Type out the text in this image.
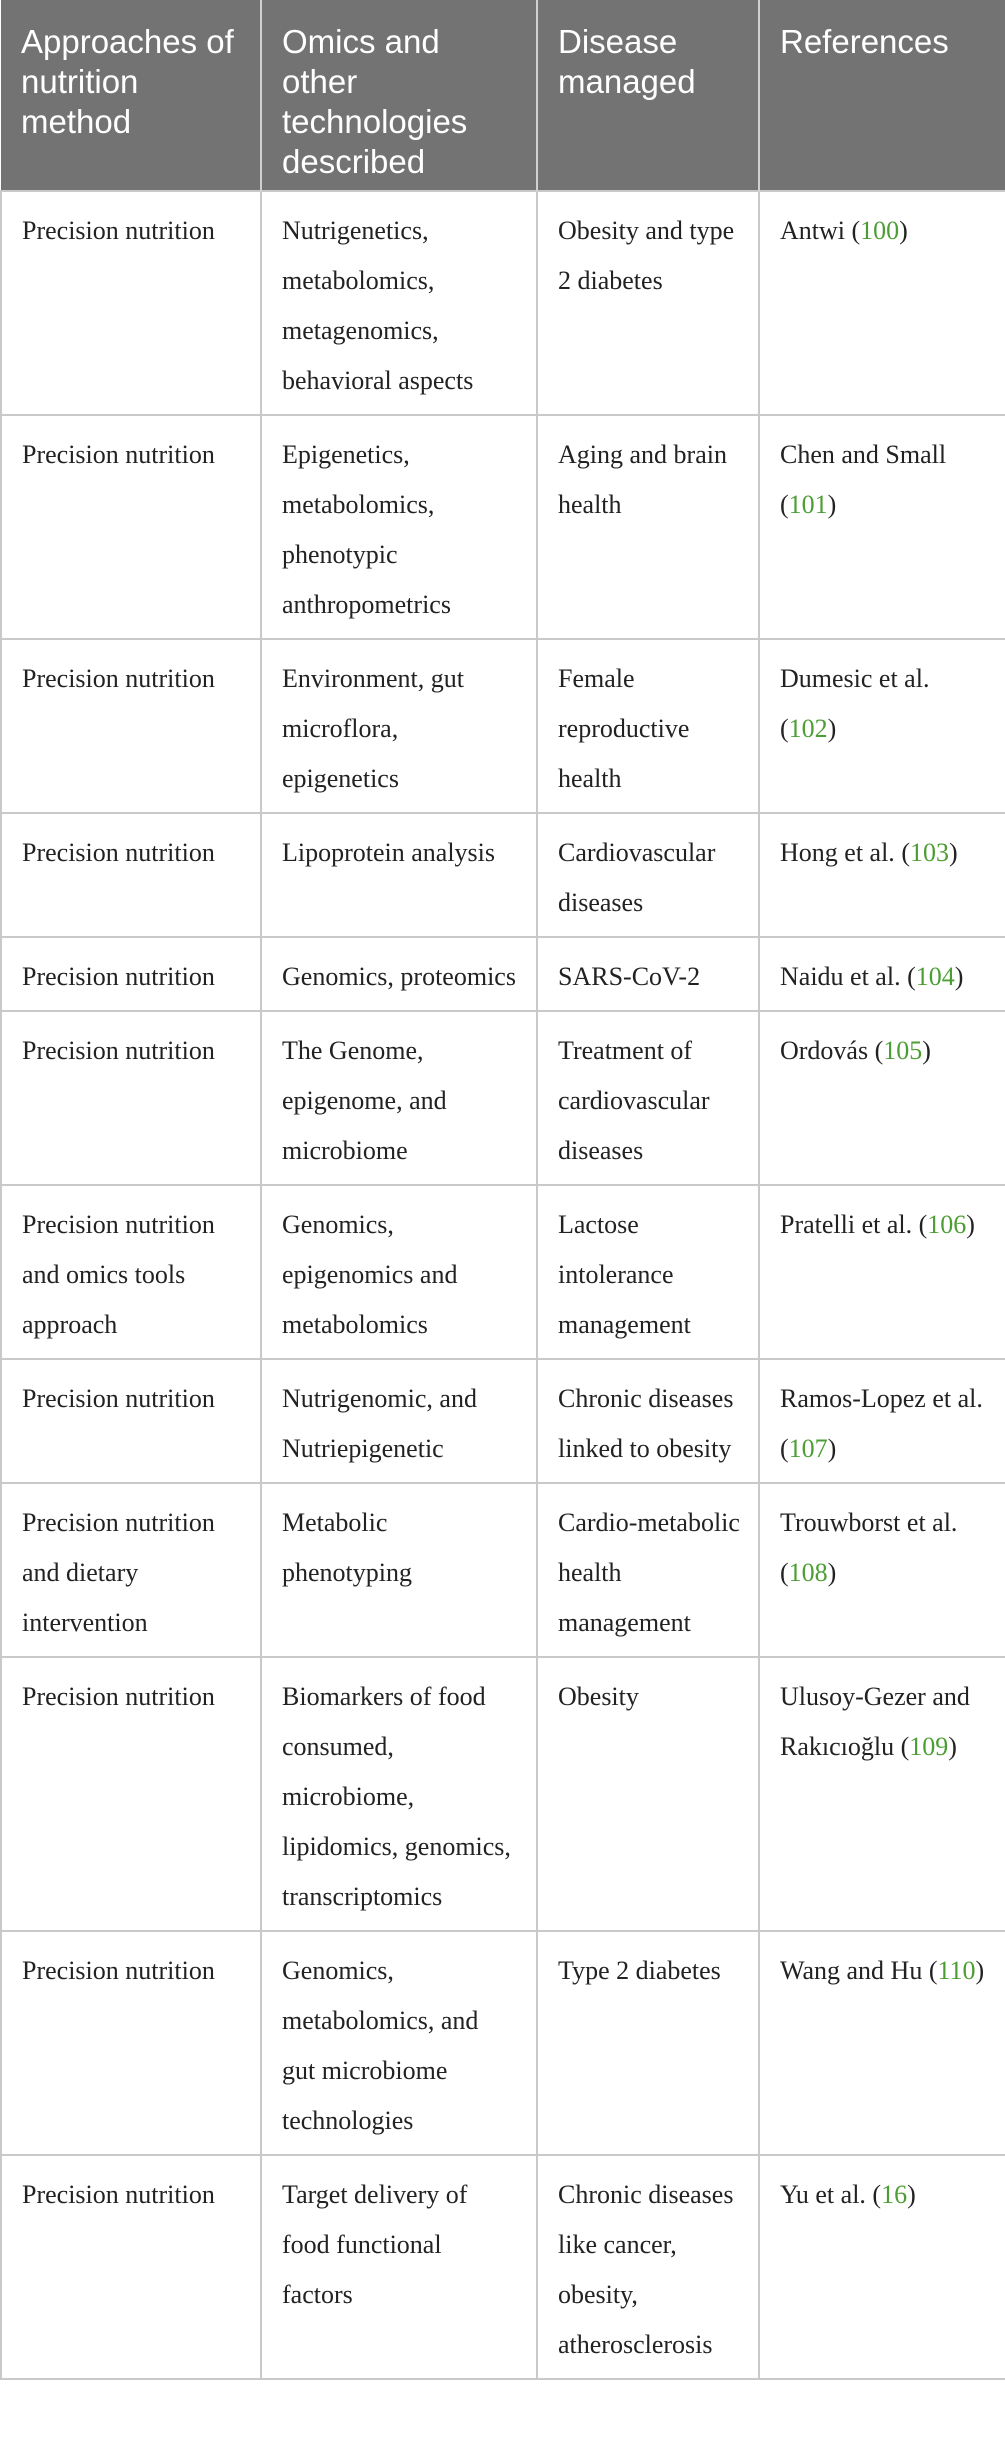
Approaches of nutrition method	Omics and other technologies described	Disease managed	References
Precision nutrition	Nutrigenetics, metabolomics, metagenomics, behavioral aspects	Obesity and type 2 diabetes	Antwi (100)
Precision nutrition	Epigenetics, metabolomics, phenotypic anthropometrics	Aging and brain health	Chen and Small (101)
Precision nutrition	Environment, gut microflora, epigenetics	Female reproductive health	Dumesic et al. (102)
Precision nutrition	Lipoprotein analysis	Cardiovascular diseases	Hong et al. (103)
Precision nutrition	Genomics, proteomics	SARS-CoV-2	Naidu et al. (104)
Precision nutrition	The Genome, epigenome, and microbiome	Treatment of cardiovascular diseases	Ordovás (105)
Precision nutrition and omics tools approach	Genomics, epigenomics and metabolomics	Lactose intolerance management	Pratelli et al. (106)
Precision nutrition	Nutrigenomic, and Nutriepigenetic	Chronic diseases linked to obesity	Ramos-Lopez et al. (107)
Precision nutrition and dietary intervention	Metabolic phenotyping	Cardio-metabolic health management	Trouwborst et al. (108)
Precision nutrition	Biomarkers of food consumed, microbiome, lipidomics, genomics, transcriptomics	Obesity	Ulusoy-Gezer and Rakıcıoğlu (109)
Precision nutrition	Genomics, metabolomics, and gut microbiome technologies	Type 2 diabetes	Wang and Hu (110)
Precision nutrition	Target delivery of food functional factors	Chronic diseases like cancer, obesity, atherosclerosis	Yu et al. (16)
